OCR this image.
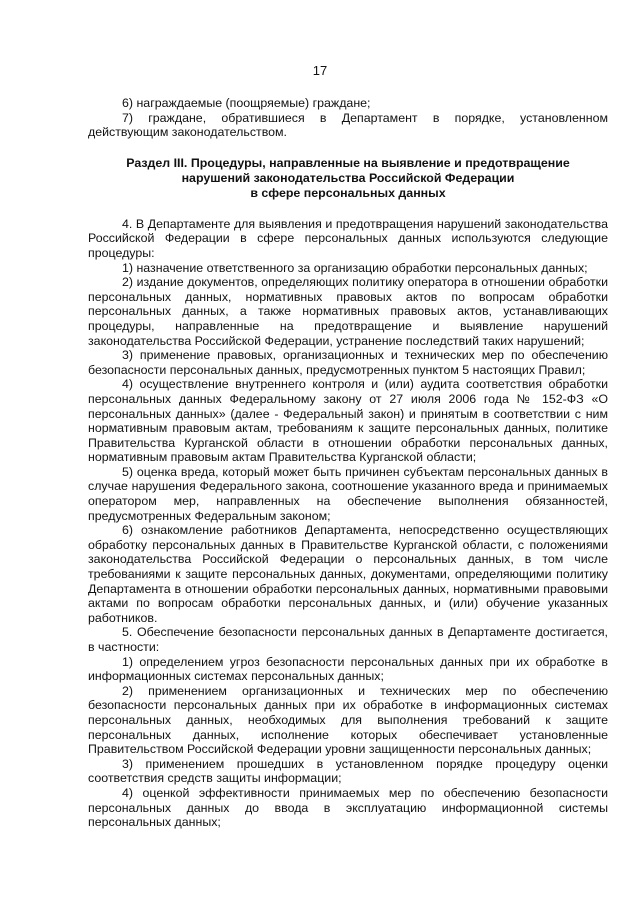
17

6) награждаемые (поощряемые) граждане;

7) граждане, обратившиеся в Департамент в порядке, установленном действующим законодательством.

Раздел III. Процедуры, направленные на выявление и предотвращение
нарушений законодательства Российской Федерации
в сфере персональных данных

4. В Департаменте для выявления и предотвращения нарушений законодательства Российской Федерации в сфере персональных данных используются следующие процедуры:

1) назначение ответственного за организацию обработки персональных данных;

2) издание документов, определяющих политику оператора в отношении обработки персональных данных, нормативных правовых актов по вопросам обработки персональных данных, а также нормативных правовых актов, устанавливающих процедуры, направленные на предотвращение и выявление нарушений законодательства Российской Федерации, устранение последствий таких нарушений;

3) применение правовых, организационных и технических мер по обеспечению безопасности персональных данных, предусмотренных пунктом 5 настоящих Правил;

4) осуществление внутреннего контроля и (или) аудита соответствия обработки персональных данных Федеральному закону от 27 июля 2006 года № 152-ФЗ «О персональных данных» (далее - Федеральный закон) и принятым в соответствии с ним нормативным правовым актам, требованиям к защите персональных данных, политике Правительства Курганской области в отношении обработки персональных данных, нормативным правовым актам Правительства Курганской области;

5) оценка вреда, который может быть причинен субъектам персональных данных в случае нарушения Федерального закона, соотношение указанного вреда и принимаемых оператором мер, направленных на обеспечение выполнения обязанностей, предусмотренных Федеральным законом;

6) ознакомление работников Департамента, непосредственно осуществляющих обработку персональных данных в Правительстве Курганской области, с положениями законодательства Российской Федерации о персональных данных, в том числе требованиями к защите персональных данных, документами, определяющими политику Департамента в отношении обработки персональных данных, нормативными правовыми актами по вопросам обработки персональных данных, и (или) обучение указанных работников.

5. Обеспечение безопасности персональных данных в Департаменте достигается, в частности:

1) определением угроз безопасности персональных данных при их обработке в информационных системах персональных данных;

2) применением организационных и технических мер по обеспечению безопасности персональных данных при их обработке в информационных системах персональных данных, необходимых для выполнения требований к защите персональных данных, исполнение которых обеспечивает установленные Правительством Российской Федерации уровни защищенности персональных данных;

3) применением прошедших в установленном порядке процедуру оценки соответствия средств защиты информации;

4) оценкой эффективности принимаемых мер по обеспечению безопасности персональных данных до ввода в эксплуатацию информационной системы персональных данных;
